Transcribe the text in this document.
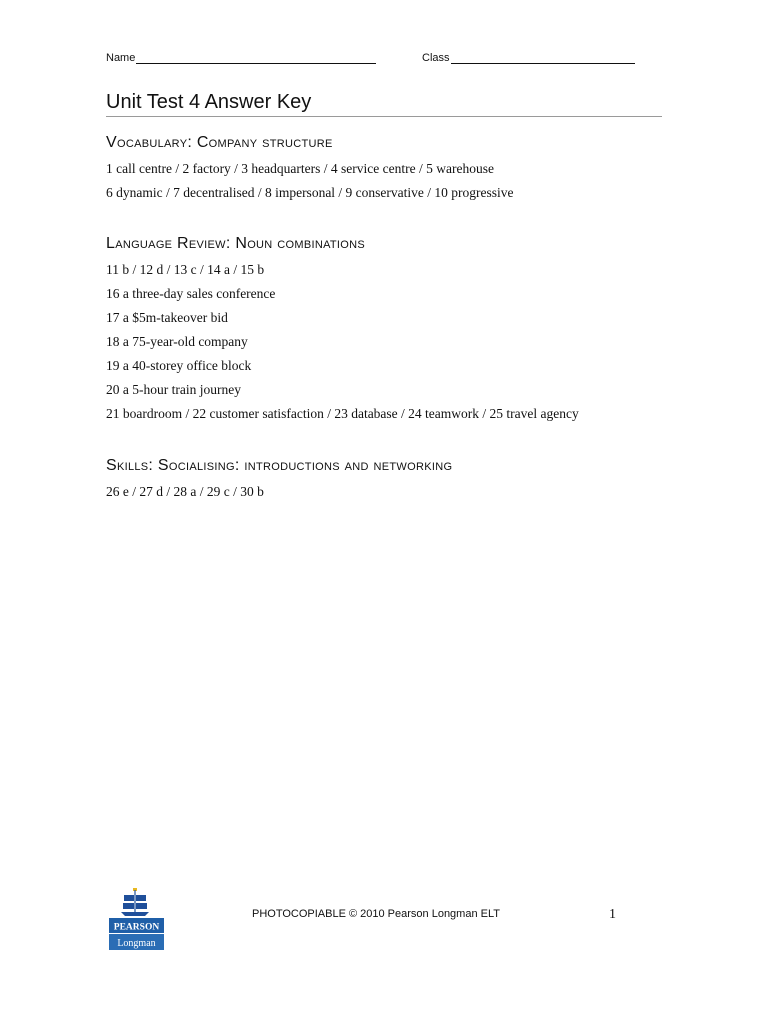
Name	Class
Unit Test 4 Answer Key
Vocabulary: Company structure
1 call centre / 2 factory / 3 headquarters / 4 service centre / 5 warehouse
6 dynamic / 7 decentralised / 8 impersonal / 9 conservative / 10 progressive
Language Review: Noun combinations
11 b / 12 d / 13 c / 14 a / 15 b
16 a three-day sales conference
17 a $5m-takeover bid
18 a 75-year-old company
19 a 40-storey office block
20 a 5-hour train journey
21 boardroom / 22 customer satisfaction / 23 database / 24 teamwork / 25 travel agency
Skills: Socialising: introductions and networking
26 e / 27 d / 28 a / 29 c / 30 b
PEARSON
Longman
PHOTOCOPIABLE © 2010 Pearson Longman ELT	1
